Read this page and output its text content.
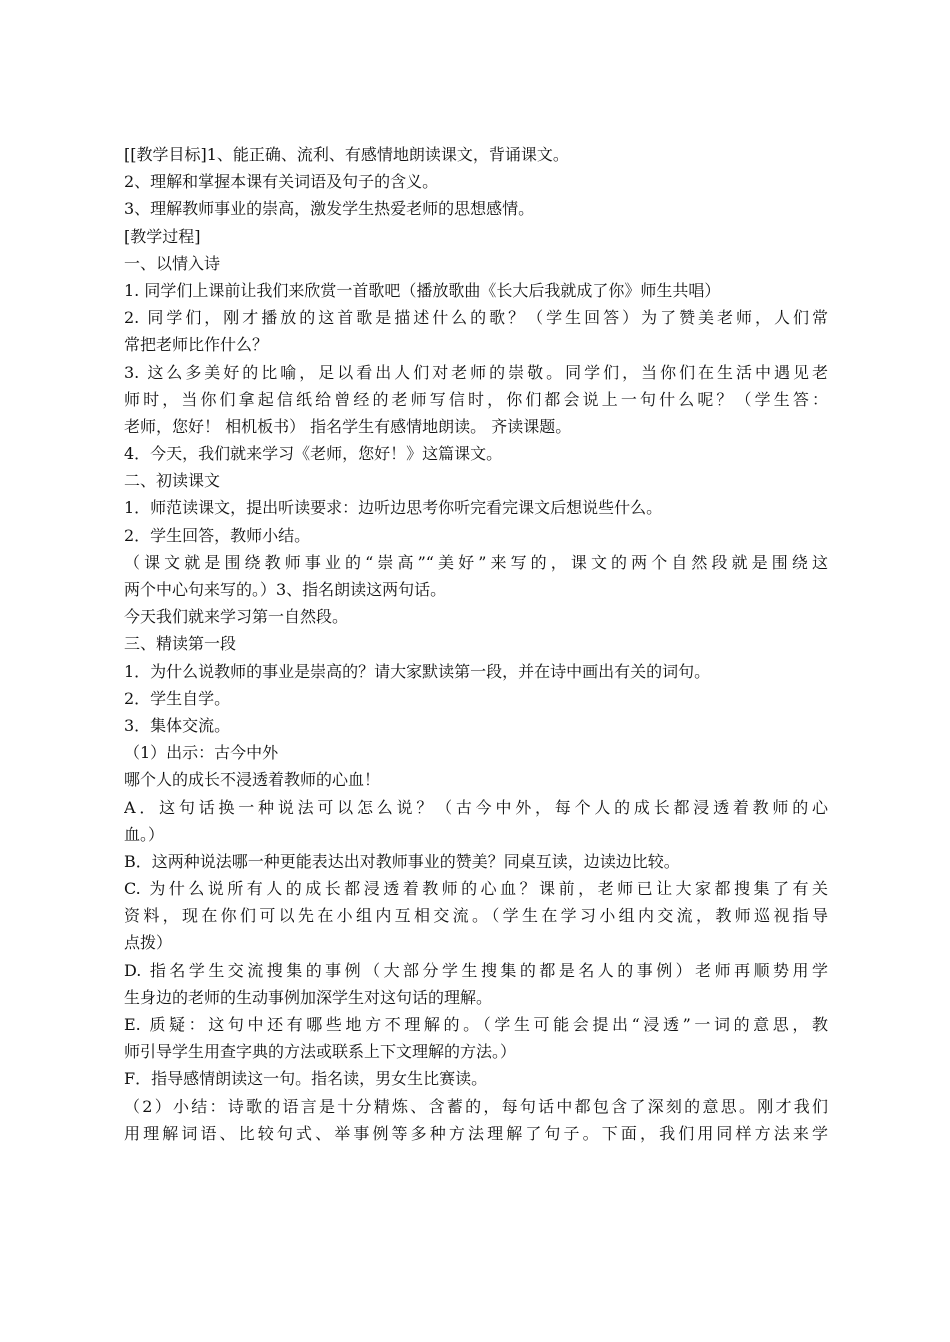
[[教学目标]1、能正确、流利、有感情地朗读课文，背诵课文。
2、理解和掌握本课有关词语及句子的含义。
3、理解教师事业的崇高，激发学生热爱老师的思想感情。
[教学过程]
一、以情入诗
1. 同学们上课前让我们来欣赏一首歌吧（播放歌曲《长大后我就成了你》师生共唱）
2. 同学们，刚才播放的这首歌是描述什么的歌？（学生回答）为了赞美老师，人们常
常把老师比作什么？
3. 这么多美好的比喻，足以看出人们对老师的崇敬。同学们，当你们在生活中遇见老
师时，当你们拿起信纸给曾经的老师写信时，你们都会说上一句什么呢？（学生答：
老师，您好！ 相机板书） 指名学生有感情地朗读。 齐读课题。
4．今天，我们就来学习《老师，您好！》这篇课文。
二、初读课文
1．师范读课文，提出听读要求：边听边思考你听完看完课文后想说些什么。
2．学生回答，教师小结。
（课文就是围绕教师事业的“崇高”“美好”来写的，课文的两个自然段就是围绕这
两个中心句来写的。）3、指名朗读这两句话。
今天我们就来学习第一自然段。
三、精读第一段
1．为什么说教师的事业是崇高的？请大家默读第一段，并在诗中画出有关的词句。
2．学生自学。
3．集体交流。
（1）出示：古今中外
哪个人的成长不浸透着教师的心血！
A．这句话换一种说法可以怎么说？（古今中外，每个人的成长都浸透着教师的心
血。）
B．这两种说法哪一种更能表达出对教师事业的赞美？同桌互读，边读边比较。
C. 为什么说所有人的成长都浸透着教师的心血？课前，老师已让大家都搜集了有关
资料，现在你们可以先在小组内互相交流。（学生在学习小组内交流，教师巡视指导
点拨）
D. 指名学生交流搜集的事例（大部分学生搜集的都是名人的事例）老师再顺势用学
生身边的老师的生动事例加深学生对这句话的理解。
E. 质疑：这句中还有哪些地方不理解的。（学生可能会提出“浸透”一词的意思，教
师引导学生用查字典的方法或联系上下文理解的方法。）
F．指导感情朗读这一句。指名读，男女生比赛读。
（2）小结：诗歌的语言是十分精炼、含蓄的，每句话中都包含了深刻的意思。刚才我们
用理解词语、比较句式、举事例等多种方法理解了句子。下面，我们用同样方法来学
